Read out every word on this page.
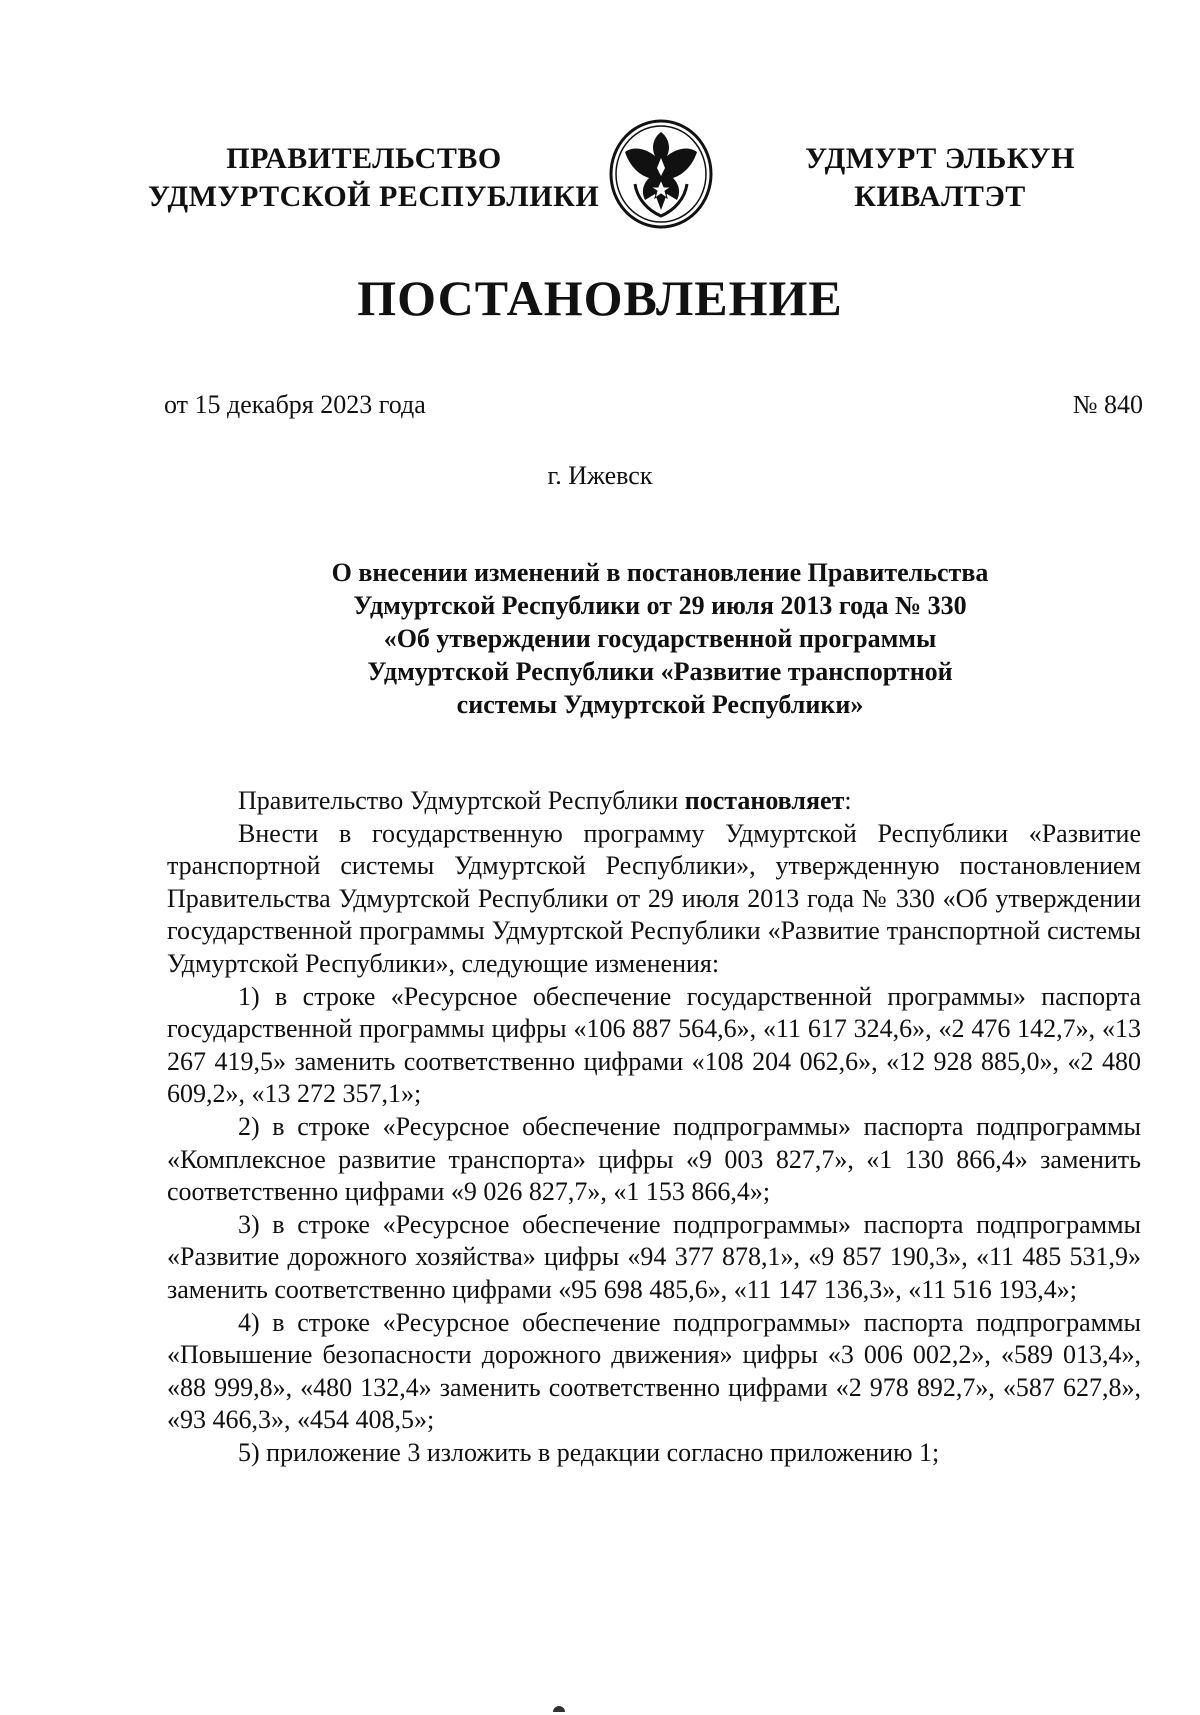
ПРАВИТЕЛЬСТВО
УДМУРТСКОЙ РЕСПУБЛИКИ
УДМУРТ ЭЛЬКУН
КИВАЛТЭТ
ПОСТАНОВЛЕНИЕ
от 15 декабря 2023 года	№ 840
г. Ижевск
О внесении изменений в постановление Правительства
Удмуртской Республики от 29 июля 2013 года № 330
«Об утверждении государственной программы
Удмуртской Республики «Развитие транспортной
системы Удмуртской Республики»

Правительство Удмуртской Республики постановляет:

Внести в государственную программу Удмуртской Республики «Развитие транспортной системы Удмуртской Республики», утвержденную постановлением Правительства Удмуртской Республики от 29 июля 2013 года № 330 «Об утверждении государственной программы Удмуртской Республики «Развитие транспортной системы Удмуртской Республики», следующие изменения:

1) в строке «Ресурсное обеспечение государственной программы» паспорта государственной программы цифры «106 887 564,6», «11 617 324,6», «2 476 142,7», «13 267 419,5» заменить соответственно цифрами «108 204 062,6», «12 928 885,0», «2 480 609,2», «13 272 357,1»;

2) в строке «Ресурсное обеспечение подпрограммы» паспорта подпрограммы «Комплексное развитие транспорта» цифры «9 003 827,7», «1 130 866,4» заменить соответственно цифрами «9 026 827,7», «1 153 866,4»;

3) в строке «Ресурсное обеспечение подпрограммы» паспорта подпрограммы «Развитие дорожного хозяйства» цифры «94 377 878,1», «9 857 190,3», «11 485 531,9» заменить соответственно цифрами «95 698 485,6», «11 147 136,3», «11 516 193,4»;

4) в строке «Ресурсное обеспечение подпрограммы» паспорта подпрограммы «Повышение безопасности дорожного движения» цифры «3 006 002,2», «589 013,4», «88 999,8», «480 132,4» заменить соответственно цифрами «2 978 892,7», «587 627,8», «93 466,3», «454 408,5»;

5) приложение 3 изложить в редакции согласно приложению 1;
